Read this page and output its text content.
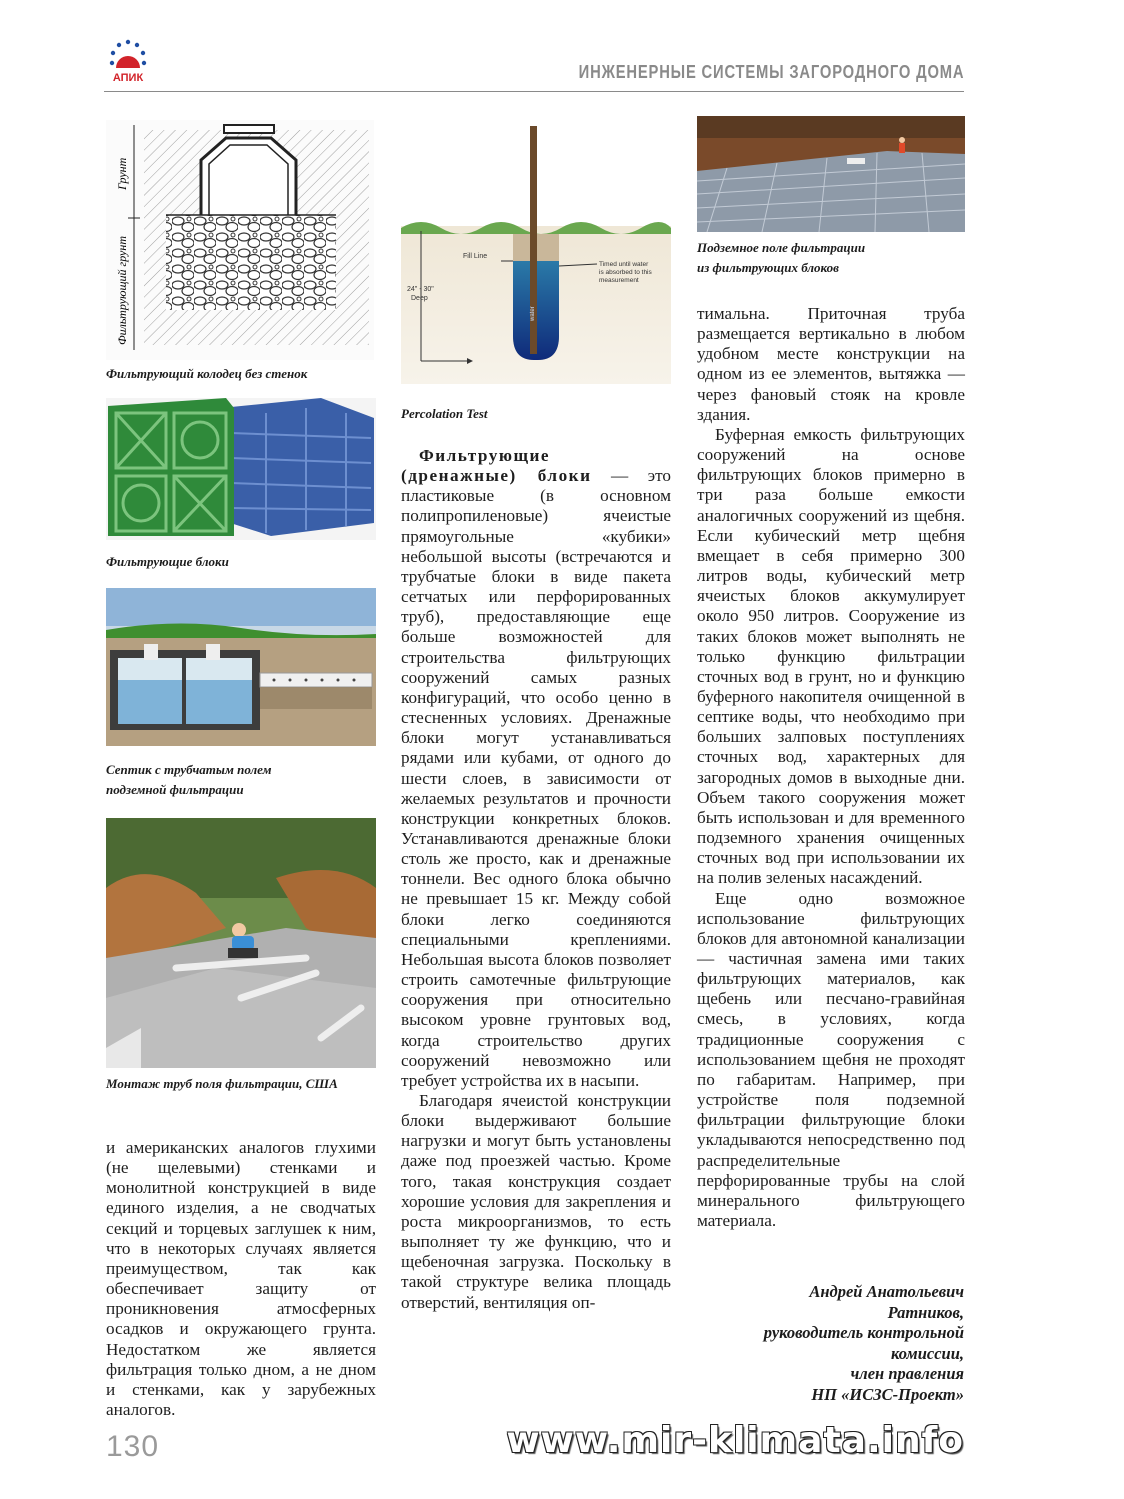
АПИК	ИНЖЕНЕРНЫЕ СИСТЕМЫ ЗАГОРОДНОГО ДОМА
Грунт
Фильтрующий грунт
Фильтрующий колодец без стенок
Фильтрующие блоки
Септик с трубчатым полем
подземной фильтрации
Монтаж труб поля фильтрации, США
Fill Line
Timed until water
is absorbed to this
measurement
24" - 30"
Deep
water
Percolation Test
Подземное поле фильтрации
из фильтрующих блоков

и американских аналогов глухими (не щелевыми) стенками и монолитной конструкцией в виде единого изделия, а не сводчатых секций и торцевых заглушек к ним, что в некоторых случаях является преимуществом, так как обеспечивает защиту от проникновения атмосферных осадков и окружающего грунта. Недостатком же является фильтрация только дном, а не дном и стенками, как у зарубежных аналогов.

Фильтрующие (дренажные) блоки — это пластиковые (в основном полипропиленовые) ячеистые прямоугольные «кубики» небольшой высоты (встречаются и трубчатые блоки в виде пакета сетчатых или перфорированных труб), предоставляющие еще больше возможностей для строительства фильтрующих сооружений самых разных конфигураций, что особо ценно в стесненных условиях. Дренажные блоки могут устанавливаться рядами или кубами, от одного до шести слоев, в зависимости от желаемых результатов и прочности конструкции конкретных блоков. Устанавливаются дренажные блоки столь же просто, как и дренажные тоннели. Вес одного блока обычно не превышает 15 кг. Между собой блоки легко соединяются специальными креплениями. Небольшая высота блоков позволяет строить самотечные фильтрующие сооружения при относительно высоком уровне грунтовых вод, когда строительство других сооружений невозможно или требует устройства их в насыпи.

Благодаря ячеистой конструкции блоки выдерживают большие нагрузки и могут быть установлены даже под проезжей частью. Кроме того, такая конструкция создает хорошие условия для закрепления и роста микроорганизмов, то есть выполняет ту же функцию, что и щебеночная загрузка. Поскольку в такой структуре велика площадь отверстий, вентиляция оп-

тимальна. Приточная труба размещается вертикально в любом удобном месте конструкции на одном из ее элементов, вытяжка — через фановый стояк на кровле здания.

Буферная емкость фильтрующих сооружений на основе фильтрующих блоков примерно в три раза больше емкости аналогичных сооружений из щебня. Если кубический метр щебня вмещает в себя примерно 300 литров воды, кубический метр ячеистых блоков аккумулирует около 950 литров. Сооружение из таких блоков может выполнять не только функцию фильтрации сточных вод в грунт, но и функцию буферного накопителя очищенной в септике воды, что необходимо при больших залповых поступлениях сточных вод, характерных для загородных домов в выходные дни. Объем такого сооружения может быть использован и для временного подземного хранения очищенных сточных вод при использовании их на полив зеленых насаждений.

Еще одно возможное использование фильтрующих блоков для автономной канализации — частичная замена ими таких фильтрующих материалов, как щебень или песчано-гравийная смесь, в условиях, когда традиционные сооружения с использованием щебня не проходят по габаритам. Например, при устройстве поля подземной фильтрации фильтрующие блоки укладываются непосредственно под распределительные перфорированные трубы на слой минерального фильтрующего материала.

Андрей Анатольевич
Ратников,
руководитель контрольной
комиссии,
член правления
НП «ИСЗС-Проект»
130	www.mir-klimata.info
